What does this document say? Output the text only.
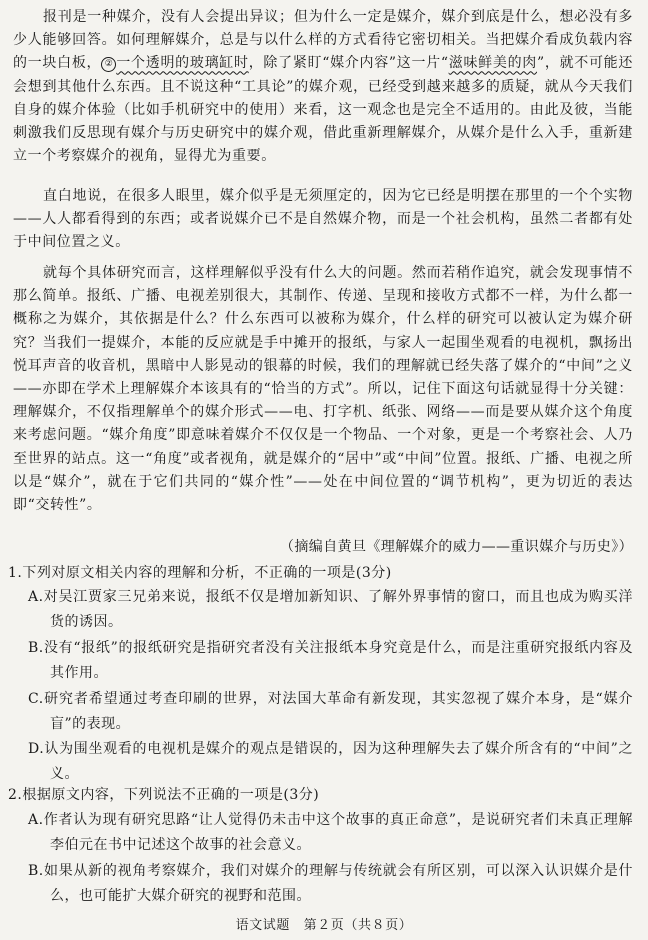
报刊是一种媒介，没有人会提出异议；但为什么一定是媒介，媒介到底是什么，想必没有多少人能够回答。如何理解媒介，总是与以什么样的方式看待它密切相关。当把媒介看成负载内容的一块白板， ② 一个透明的玻璃缸时，除了紧盯“媒介内容”这一片“滋味鲜美的肉”，就不可能还会想到其他什么东西。且不说这种“工具论”的媒介观，已经受到越来越多的质疑，就从今天我们自身的媒介体验（比如手机研究中的使用）来看，这一观念也是完全不适用的。由此及彼，当能刺激我们反思现有媒介与历史研究中的媒介观，借此重新理解媒介，从媒介是什么入手，重新建立一个考察媒介的视角，显得尤为重要。

直白地说，在很多人眼里，媒介似乎是无须厘定的，因为它已经是明摆在那里的一个个实物——人人都看得到的东西；或者说媒介已不是自然媒介物，而是一个社会机构，虽然二者都有处于中间位置之义。

就每个具体研究而言，这样理解似乎没有什么大的问题。然而若稍作追究，就会发现事情不那么简单。报纸、广播、电视差别很大，其制作、传递、呈现和接收方式都不一样，为什么都一概称之为媒介，其依据是什么？什么东西可以被称为媒介，什么样的研究可以被认定为媒介研究？当我们一提媒介，本能的反应就是手中摊开的报纸，与家人一起围坐观看的电视机，飘扬出悦耳声音的收音机，黑暗中人影晃动的银幕的时候，我们的理解就已经失落了媒介的“中间”之义——亦即在学术上理解媒介本该具有的“恰当的方式”。所以，记住下面这句话就显得十分关键：理解媒介，不仅指理解单个的媒介形式——电、打字机、纸张、网络——而是要从媒介这个角度来考虑问题。“媒介角度”即意味着媒介不仅仅是一个物品、一个对象，更是一个考察社会、人乃至世界的站点。这一“角度”或者视角，就是媒介的“居中”或“中间”位置。报纸、广播、电视之所以是“媒介”，就在于它们共同的“媒介性”——处在中间位置的“调节机构”，更为切近的表达即“交转性”。

（摘编自黄旦《理解媒介的威力——重识媒介与历史》）

1.下列对原文相关内容的理解和分析，不正确的一项是(3分)

A.对吴江贾家三兄弟来说，报纸不仅是增加新知识、了解外界事情的窗口，而且也成为购买洋货的诱因。

B.没有“报纸”的报纸研究是指研究者没有关注报纸本身究竟是什么，而是注重研究报纸内容及其作用。

C.研究者希望通过考查印刷的世界，对法国大革命有新发现，其实忽视了媒介本身，是“媒介盲”的表现。

D.认为围坐观看的电视机是媒介的观点是错误的，因为这种理解失去了媒介所含有的“中间”之义。

2.根据原文内容，下列说法不正确的一项是(3分)

A.作者认为现有研究思路“让人觉得仍未击中这个故事的真正命意”，是说研究者们未真正理解李伯元在书中记述这个故事的社会意义。

B.如果从新的视角考察媒介，我们对媒介的理解与传统就会有所区别，可以深入认识媒介是什么，也可能扩大媒介研究的视野和范围。

语文试题　第２页（共８页）
